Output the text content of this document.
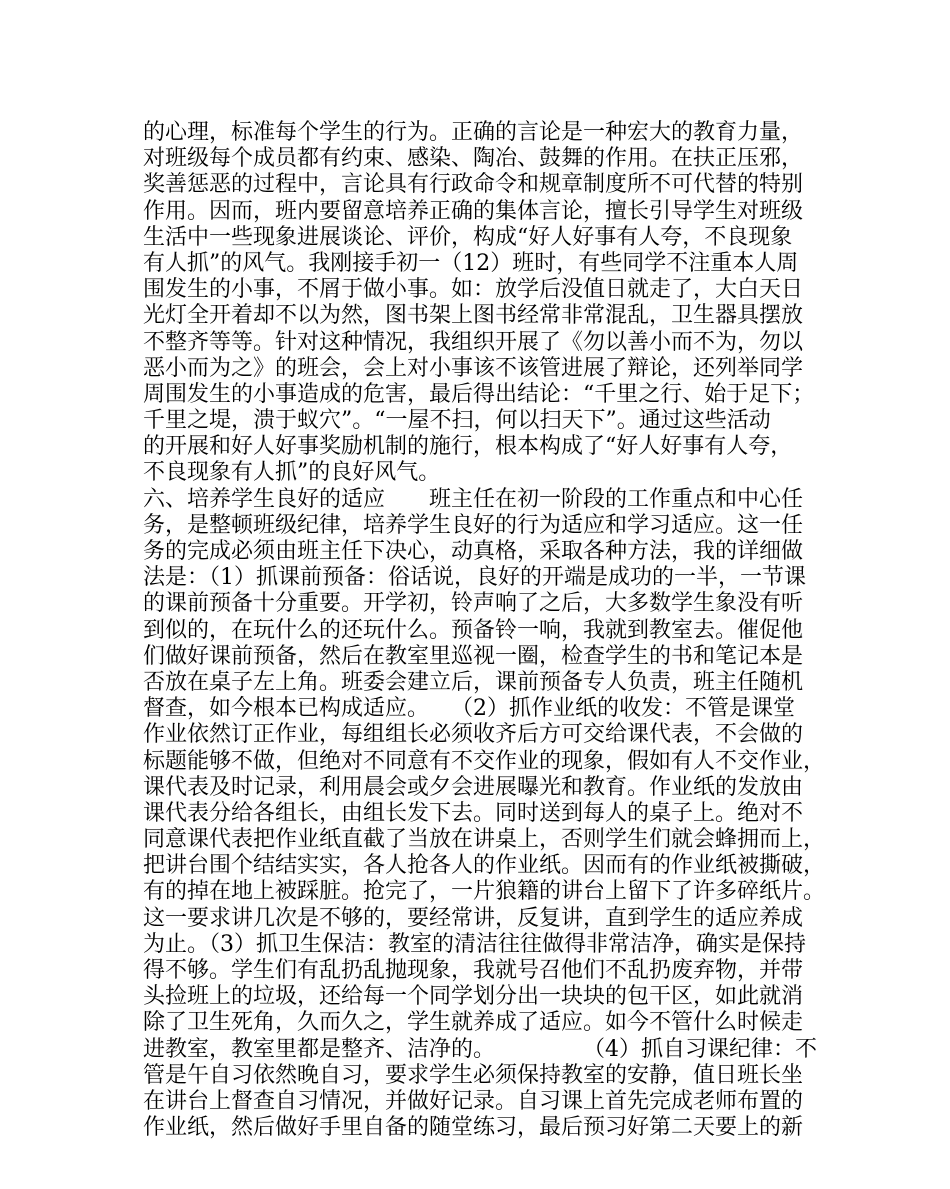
的心理，标准每个学生的行为。正确的言论是一种宏大的教育力量，
对班级每个成员都有约束、感染、陶冶、鼓舞的作用。在扶正压邪，
奖善惩恶的过程中，言论具有行政命令和规章制度所不可代替的特别
作用。因而，班内要留意培养正确的集体言论，擅长引导学生对班级
生活中一些现象进展谈论、评价，构成“好人好事有人夸，不良现象
有人抓”的风气。我刚接手初一（12）班时，有些同学不注重本人周
围发生的小事，不屑于做小事。如：放学后没值日就走了，大白天日
光灯全开着却不以为然，图书架上图书经常非常混乱，卫生器具摆放
不整齐等等。针对这种情况，我组织开展了《勿以善小而不为，勿以
恶小而为之》的班会，会上对小事该不该管进展了辩论，还列举同学
周围发生的小事造成的危害，最后得出结论：“千里之行、始于足下；
千里之堤，溃于蚁穴”。“一屋不扫，何以扫天下”。通过这些活动
的开展和好人好事奖励机制的施行，根本构成了“好人好事有人夸，
不良现象有人抓”的良好风气。
六、培养学生良好的适应　　班主任在初一阶段的工作重点和中心任
务，是整顿班级纪律，培养学生良好的行为适应和学习适应。这一任
务的完成必须由班主任下决心，动真格，采取各种方法，我的详细做
法是：（1）抓课前预备：俗话说，良好的开端是成功的一半，一节课
的课前预备十分重要。开学初，铃声响了之后，大多数学生象没有听
到似的，在玩什么的还玩什么。预备铃一响，我就到教室去。催促他
们做好课前预备，然后在教室里巡视一圈，检查学生的书和笔记本是
否放在桌子左上角。班委会建立后，课前预备专人负责，班主任随机
督查，如今根本已构成适应。　　（2）抓作业纸的收发：不管是课堂
作业依然订正作业，每组组长必须收齐后方可交给课代表，不会做的
标题能够不做，但绝对不同意有不交作业的现象，假如有人不交作业，
课代表及时记录，利用晨会或夕会进展曝光和教育。作业纸的发放由
课代表分给各组长，由组长发下去。同时送到每人的桌子上。绝对不
同意课代表把作业纸直截了当放在讲桌上，否则学生们就会蜂拥而上，
把讲台围个结结实实，各人抢各人的作业纸。因而有的作业纸被撕破，
有的掉在地上被踩脏。抢完了，一片狼籍的讲台上留下了许多碎纸片。
这一要求讲几次是不够的，要经常讲，反复讲，直到学生的适应养成
为止。（3）抓卫生保洁：教室的清洁往往做得非常洁净，确实是保持
得不够。学生们有乱扔乱抛现象，我就号召他们不乱扔废弃物，并带
头捡班上的垃圾，还给每一个同学划分出一块块的包干区，如此就消
除了卫生死角，久而久之，学生就养成了适应。如今不管什么时候走
进教室，教室里都是整齐、洁净的。　　　　　（4）抓自习课纪律：不
管是午自习依然晚自习，要求学生必须保持教室的安静，值日班长坐
在讲台上督查自习情况，并做好记录。自习课上首先完成老师布置的
作业纸，然后做好手里自备的随堂练习，最后预习好第二天要上的新
